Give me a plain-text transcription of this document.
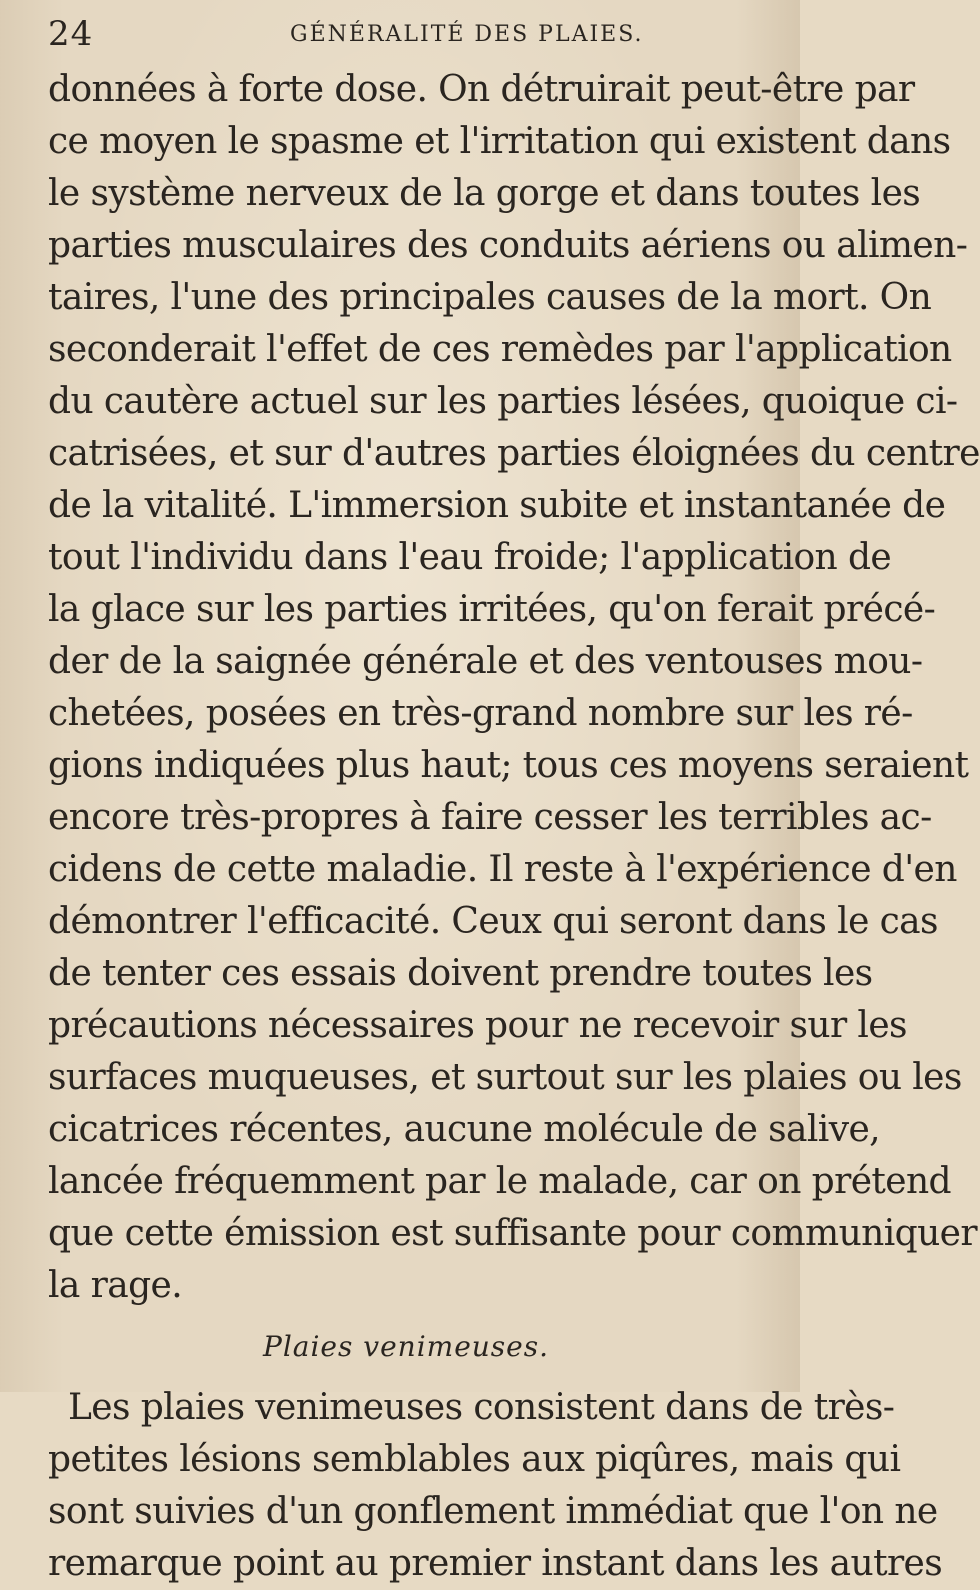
24	GÉNÉRALITÉ DES PLAIES.
données à forte dose. On détruirait peut-être par
ce moyen le spasme et l'irritation qui existent dans
le système nerveux de la gorge et dans toutes les
parties musculaires des conduits aériens ou alimen-
taires, l'une des principales causes de la mort. On
seconderait l'effet de ces remèdes par l'application
du cautère actuel sur les parties lésées, quoique ci-
catrisées, et sur d'autres parties éloignées du centre
de la vitalité. L'immersion subite et instantanée de
tout l'individu dans l'eau froide; l'application de
la glace sur les parties irritées, qu'on ferait précé-
der de la saignée générale et des ventouses mou-
chetées, posées en très-grand nombre sur les ré-
gions indiquées plus haut; tous ces moyens seraient
encore très-propres à faire cesser les terribles ac-
cidens de cette maladie. Il reste à l'expérience d'en
démontrer l'efficacité. Ceux qui seront dans le cas
de tenter ces essais doivent prendre toutes les
précautions nécessaires pour ne recevoir sur les
surfaces muqueuses, et surtout sur les plaies ou les
cicatrices récentes, aucune molécule de salive,
lancée fréquemment par le malade, car on prétend
que cette émission est suffisante pour communiquer
la rage.
Plaies venimeuses.
Les plaies venimeuses consistent dans de très-
petites lésions semblables aux piqûres, mais qui
sont suivies d'un gonflement immédiat que l'on ne
remarque point au premier instant dans les autres
